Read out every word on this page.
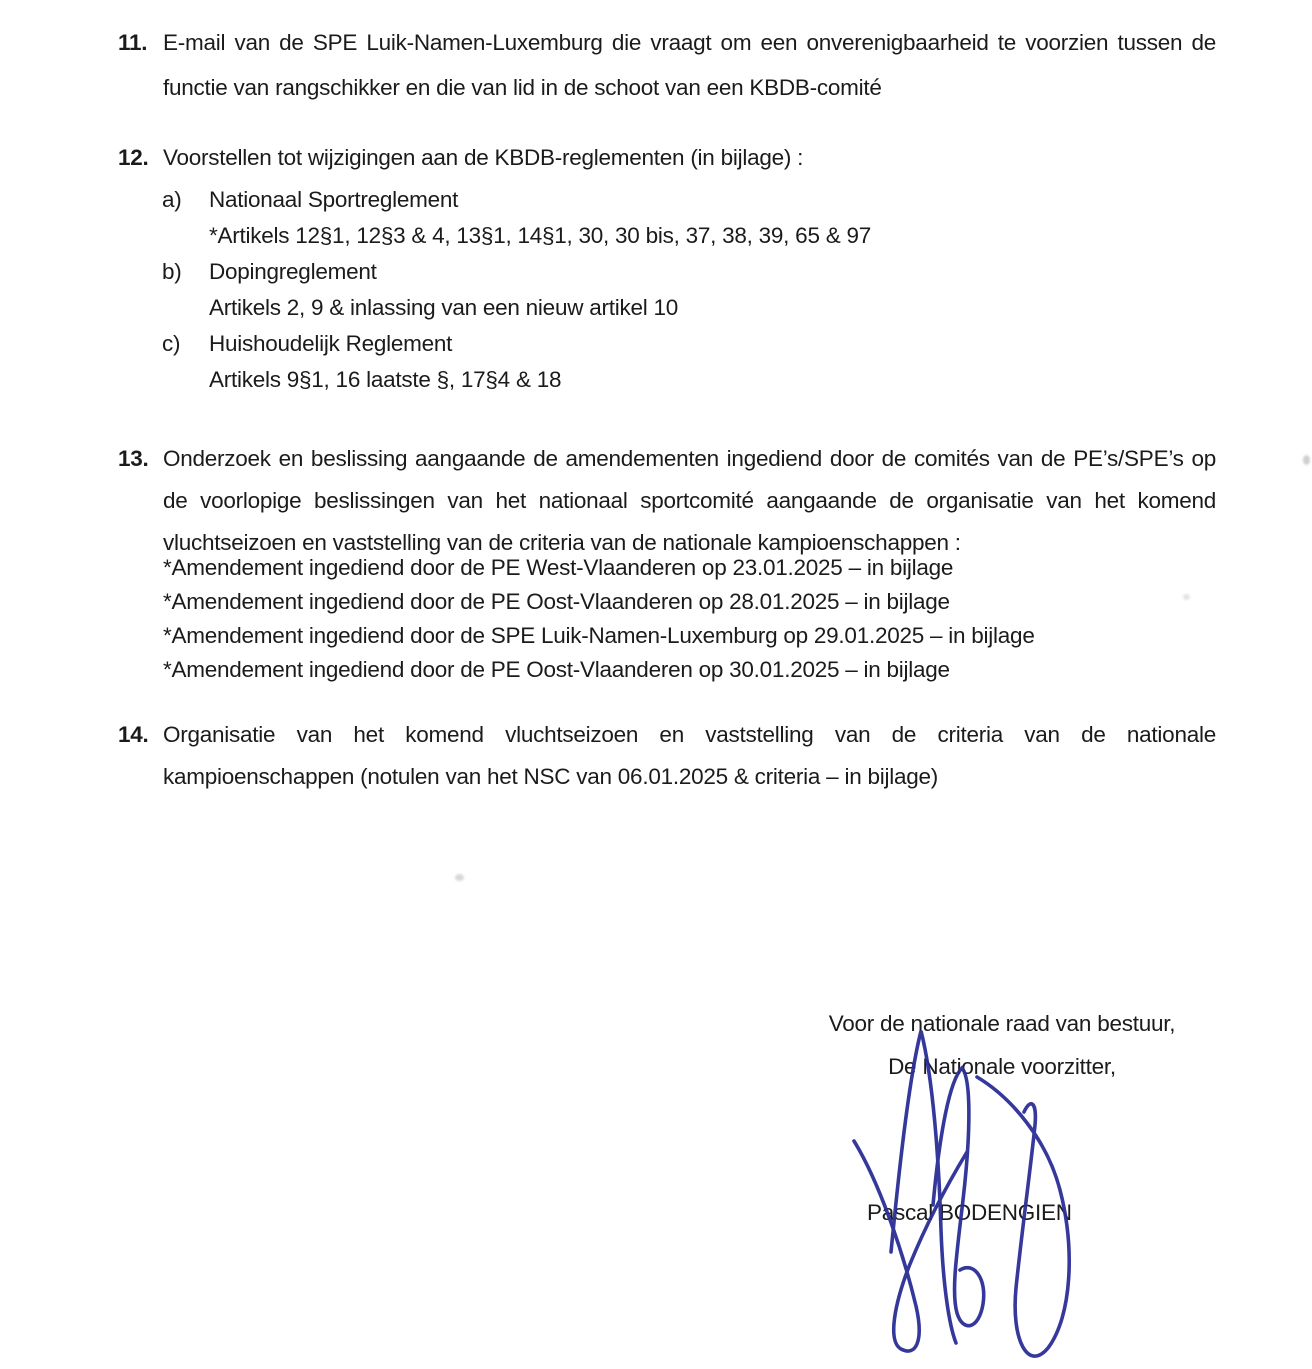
11. E-mail van de SPE Luik-Namen-Luxemburg die vraagt om een onverenigbaarheid te voorzien tussen de functie van rangschikker en die van lid in de schoot van een KBDB-comité
12. Voorstellen tot wijzigingen aan de KBDB-reglementen (in bijlage) :
a)	Nationaal Sportreglement
*Artikels 12§1, 12§3 & 4, 13§1, 14§1, 30, 30 bis, 37, 38, 39, 65 & 97
b)	Dopingreglement
Artikels 2, 9 & inlassing van een nieuw artikel 10
c)	Huishoudelijk Reglement
Artikels 9§1, 16 laatste §, 17§4 & 18
13. Onderzoek en beslissing aangaande de amendementen ingediend door de comités van de PE’s/SPE’s op de voorlopige beslissingen van het nationaal sportcomité aangaande de organisatie van het komend vluchtseizoen en vaststelling van de criteria van de nationale kampioenschappen :
*Amendement ingediend door de PE West-Vlaanderen op 23.01.2025 – in bijlage
*Amendement ingediend door de PE Oost-Vlaanderen op 28.01.2025 – in bijlage
*Amendement ingediend door de SPE Luik-Namen-Luxemburg op 29.01.2025 – in bijlage
*Amendement ingediend door de PE Oost-Vlaanderen op 30.01.2025 – in bijlage
14. Organisatie van het komend vluchtseizoen en vaststelling van de criteria van de nationale kampioenschappen (notulen van het NSC van 06.01.2025 & criteria – in bijlage)
Voor de nationale raad van bestuur,
De Nationale voorzitter,
Pascal BODENGIEN
